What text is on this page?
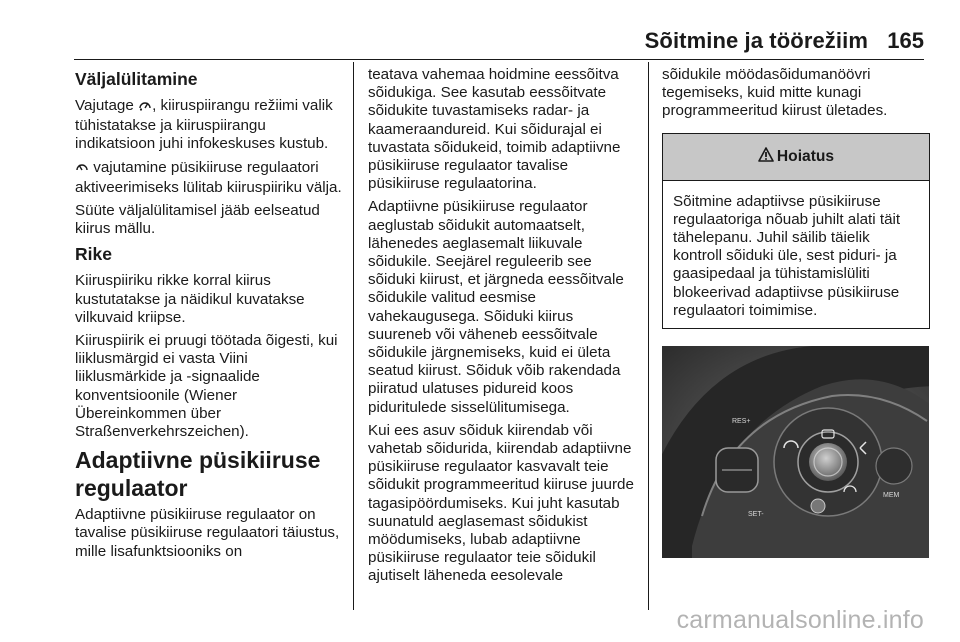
Sõitmine ja töörežiim 165
Väljalülitamine

Vajutage , kiiruspiirangu režiimi valik tühistatakse ja kiiruspiirangu indikatsioon juhi infokeskuses kustub.

vajutamine püsikiiruse regulaatori aktiveerimiseks lülitab kiiruspiiriku välja.

Süüte väljalülitamisel jääb eelseatud kiirus mällu.

Rike

Kiiruspiiriku rikke korral kiirus kustutatakse ja näidikul kuvatakse vilkuvaid kriipse.

Kiiruspiirik ei pruugi töötada õigesti, kui liiklusmärgid ei vasta Viini liiklusmärkide ja -signaalide konventsioonile (Wiener Übereinkommen über Straßenverkehrszeichen).

Adaptiivne püsikiiruse regulaator

Adaptiivne püsikiiruse regulaator on tavalise püsikiiruse regulaatori täiustus, mille lisafunktsiooniks on

teatava vahemaa hoidmine eessõitva sõidukiga. See kasutab eessõitvate sõidukite tuvastamiseks radar- ja kaameraandureid. Kui sõidurajal ei tuvastata sõidukeid, toimib adaptiivne püsikiiruse regulaator tavalise püsikiiruse regulaatorina.

Adaptiivne püsikiiruse regulaator aeglustab sõidukit automaatselt, lähenedes aeglasemalt liikuvale sõidukile. Seejärel reguleerib see sõiduki kiirust, et järgneda eessõitvale sõidukile valitud eesmise vahekaugusega. Sõiduki kiirus suureneb või väheneb eessõitvale sõidukile järgnemiseks, kuid ei ületa seatud kiirust. Sõiduk võib rakendada piiratud ulatuses pidureid koos piduritulede sisselülitumisega.

Kui ees asuv sõiduk kiirendab või vahetab sõidurida, kiirendab adaptiivne püsikiiruse regulaator kasvavalt teie sõidukit programmeeritud kiiruse juurde tagasipöördumiseks. Kui juht kasutab suunatuld aeglasemast sõidukist möödumiseks, lubab adaptiivne püsikiiruse regulaator teie sõidukil ajutiselt läheneda eesolevale

sõidukile möödasõidumanöövri tegemiseks, kuid mitte kunagi programmeeritud kiirust ületades.

Hoiatus

Sõitmine adaptiivse püsikiiruse regulaatoriga nõuab juhilt alati täit tähelepanu. Juhil säilib täielik kontroll sõiduki üle, sest piduri- ja gaasipedaal ja tühistamislüliti blokeerivad adaptiivse püsikiiruse regulaatori toimimise.

RES+
SET-
MEM
carmanualsonline.info
